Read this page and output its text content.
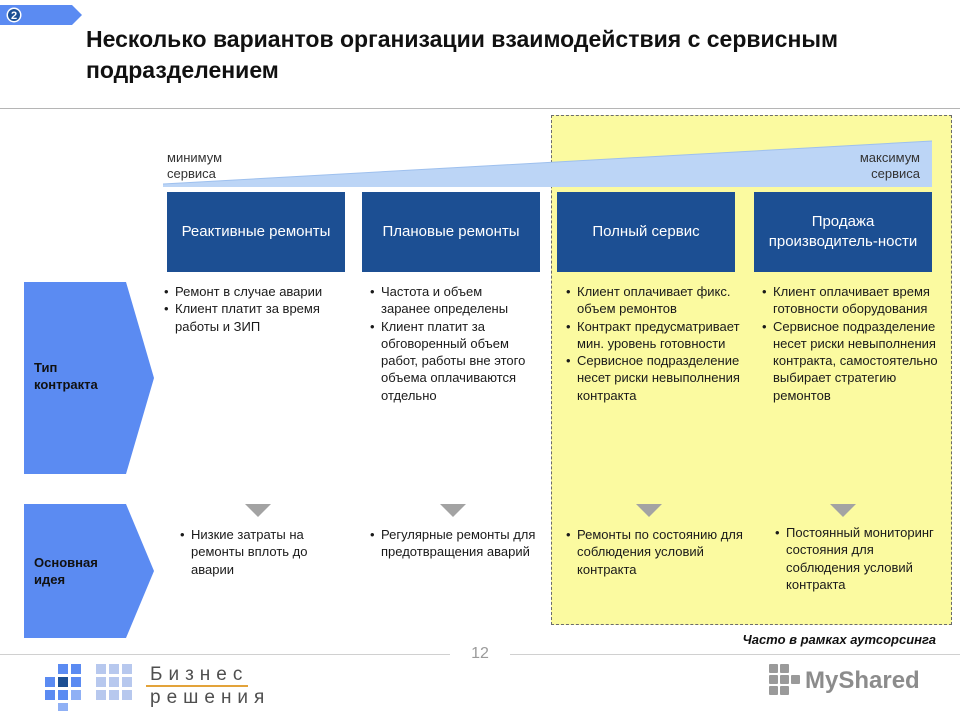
2
Несколько вариантов организации взаимодействия с сервисным подразделением
Часто в рамках аутсорсинга
минимум
сервиса
максимум
сервиса
Реактивные ремонты	Плановые ремонты	Полный сервис
Продажа производитель-ности
Тип
контракта
Основная
идея
• Ремонт в случае аварии
• Клиент платит за время работы и ЗИП
• Частота и объем заранее определены
• Клиент платит за обговоренный объем работ, работы вне этого объема оплачиваются отдельно
• Клиент оплачивает фикс. объем ремонтов
• Контракт предусматривает мин. уровень готовности
• Сервисное подразделение несет риски невыполнения контракта
• Клиент оплачивает время готовности оборудования
• Сервисное подразделение несет риски невыполнения контракта, самостоятельно выбирает стратегию ремонтов
• Низкие затраты на ремонты вплоть до аварии
• Регулярные ремонты для предотвращения аварий
• Ремонты по состоянию для соблюдения условий контракта
• Постоянный мониторинг состояния для соблюдения условий контракта
12
Бизнес
решения
MyShared
